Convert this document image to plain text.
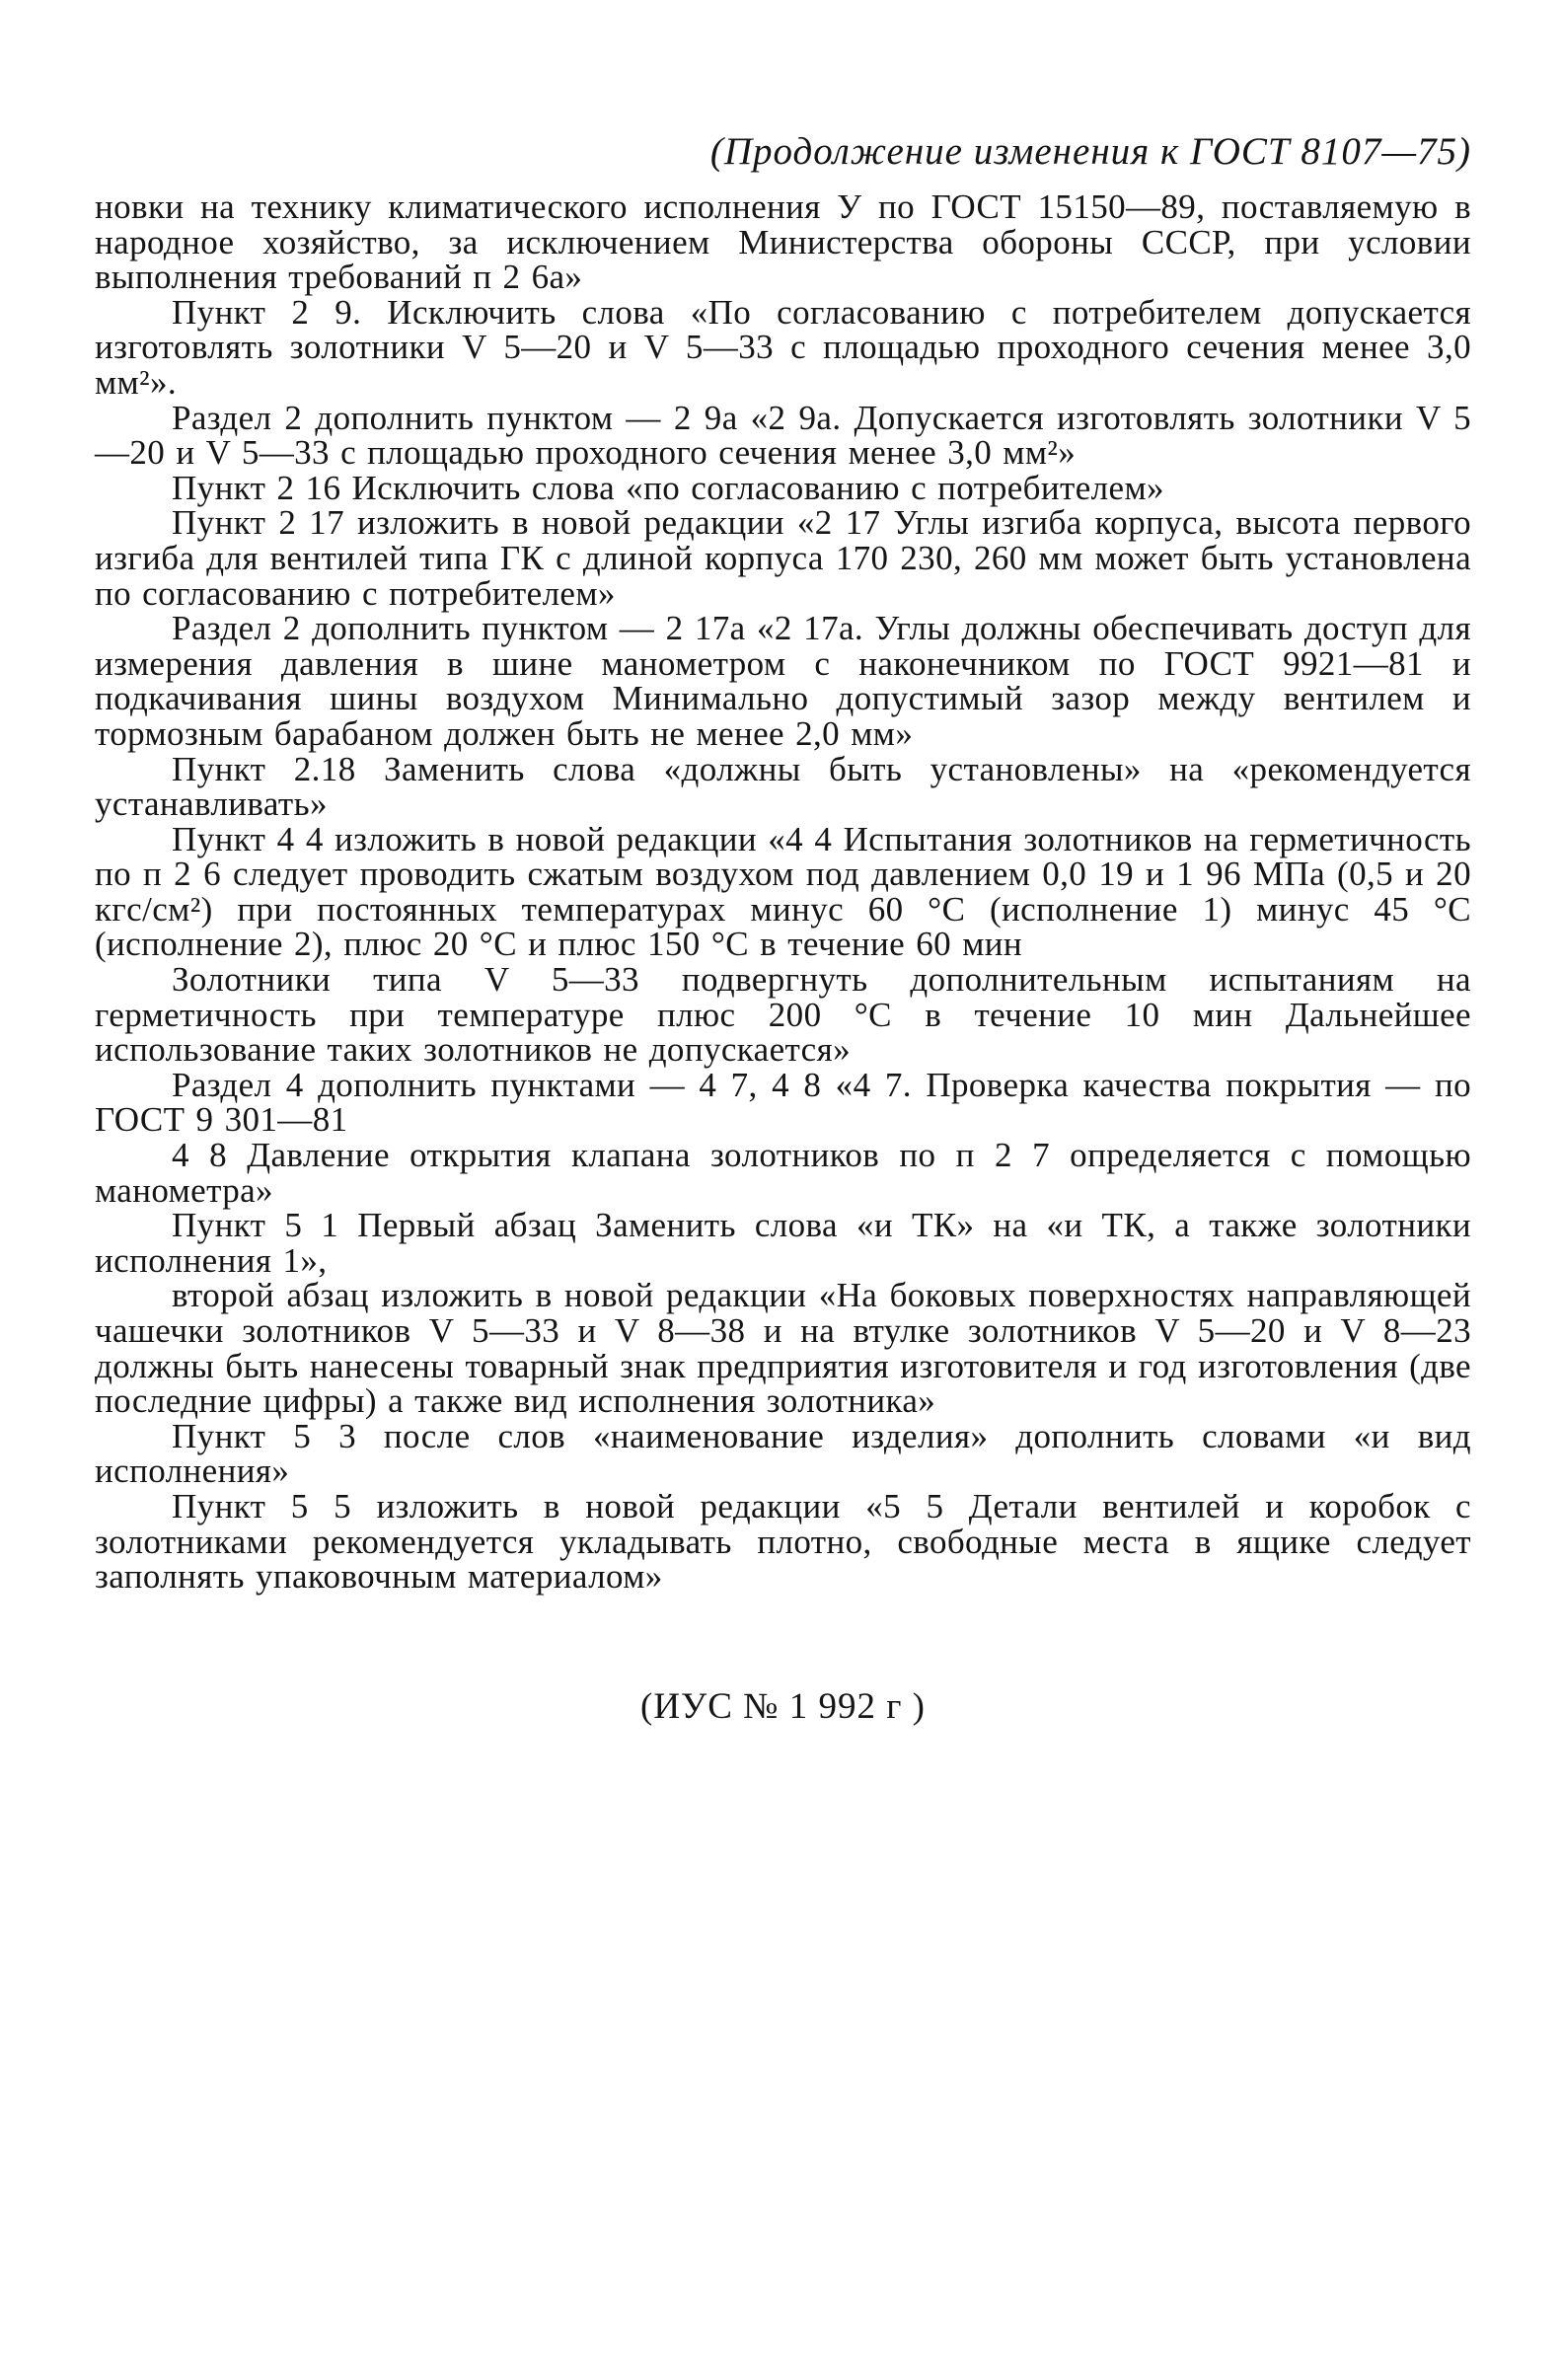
(Продолжение изменения к ГОСТ 8107—75)

новки на технику климатического исполнения У по ГОСТ 15150—89, поставляемую в народное хозяйство, за исключением Министерства обороны СССР, при условии выполнения требований п 2 6а»

Пункт 2 9. Исключить слова «По согласованию с потребителем допускается изготовлять золотники V 5—20 и V 5—33 с площадью проходного сечения менее 3,0 мм²».

Раздел 2 дополнить пунктом — 2 9а «2 9а. Допускается изготовлять золотники V 5—20 и V 5—33 с площадью проходного сечения менее 3,0 мм²»

Пункт 2 16 Исключить слова «по согласованию с потребителем»

Пункт 2 17 изложить в новой редакции «2 17 Углы изгиба корпуса, высота первого изгиба для вентилей типа ГК с длиной корпуса 170 230, 260 мм может быть установлена по согласованию с потребителем»

Раздел 2 дополнить пунктом — 2 17а «2 17а. Углы должны обеспечивать доступ для измерения давления в шине манометром с наконечником по ГОСТ 9921—81 и подкачивания шины воздухом Минимально допустимый зазор между вентилем и тормозным барабаном должен быть не менее 2,0 мм»

Пункт 2.18 Заменить слова «должны быть установлены» на «рекомендуется устанавливать»

Пункт 4 4 изложить в новой редакции «4 4 Испытания золотников на герметичность по п 2 6 следует проводить сжатым воздухом под давлением 0,0 19 и 1 96 МПа (0,5 и 20 кгс/см²) при постоянных температурах минус 60 °С (исполнение 1) минус 45 °С (исполнение 2), плюс 20 °С и плюс 150 °С в течение 60 мин

Золотники типа V 5—33 подвергнуть дополнительным испытаниям на герметичность при температуре плюс 200 °С в течение 10 мин Дальнейшее использование таких золотников не допускается»

Раздел 4 дополнить пунктами — 4 7, 4 8 «4 7. Проверка качества покрытия — по ГОСТ 9 301—81

4 8 Давление открытия клапана золотников по п 2 7 определяется с помощью манометра»

Пункт 5 1 Первый абзац Заменить слова «и ТК» на «и ТК, а также золотники исполнения 1»,

второй абзац изложить в новой редакции «На боковых поверхностях направляющей чашечки золотников V 5—33 и V 8—38 и на втулке золотников V 5—20 и V 8—23 должны быть нанесены товарный знак предприятия изготовителя и год изготовления (две последние цифры) а также вид исполнения золотника»

Пункт 5 3 после слов «наименование изделия» дополнить словами «и вид исполнения»

Пункт 5 5 изложить в новой редакции «5 5 Детали вентилей и коробок с золотниками рекомендуется укладывать плотно, свободные места в ящике следует заполнять упаковочным материалом»

(ИУС № 1 992 г )
